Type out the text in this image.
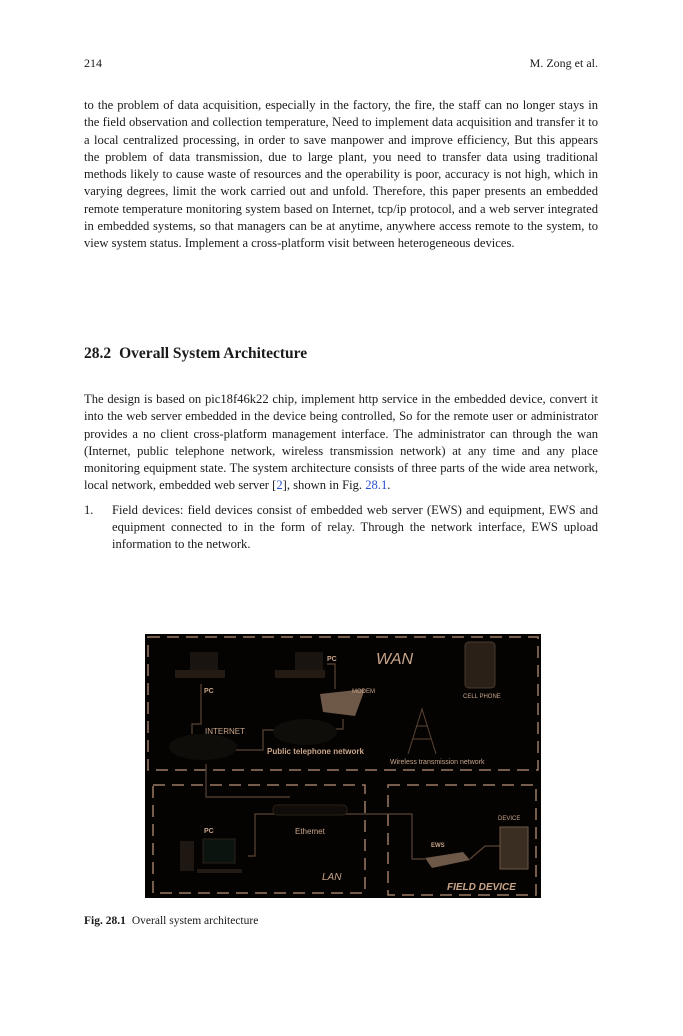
214	M. Zong et al.

to the problem of data acquisition, especially in the factory, the fire, the staff can no longer stays in the field observation and collection temperature, Need to implement data acquisition and transfer it to a local centralized processing, in order to save manpower and improve efficiency, But this appears the problem of data transmission, due to large plant, you need to transfer data using traditional methods likely to cause waste of resources and the operability is poor, accuracy is not high, which in varying degrees, limit the work carried out and unfold. Therefore, this paper presents an embedded remote temperature monitoring system based on Internet, tcp/ip protocol, and a web server integrated in embedded systems, so that managers can be at anytime, anywhere access remote to the system, to view system status. Implement a cross-platform visit between heterogeneous devices.

28.2 Overall System Architecture

The design is based on pic18f46k22 chip, implement http service in the embedded device, convert it into the web server embedded in the device being controlled, So for the remote user or administrator provides a no client cross-platform management interface. The administrator can through the wan (Internet, public telephone network, wireless transmission network) at any time and any place monitoring equipment state. The system architecture consists of three parts of the wide area network, local network, embedded web server [2], shown in Fig. 28.1.

1.	Field devices: field devices consist of embedded web server (EWS) and equipment, EWS and equipment connected to in the form of relay. Through the network interface, EWS upload information to the network.
WAN
PC
PC
MODEM
CELL PHONE
INTERNET
Public telephone network
Wireless transmission network
PC	Ethemet
EWS
DEVICE
LAN
FIELD DEVICE
Fig. 28.1 Overall system architecture
